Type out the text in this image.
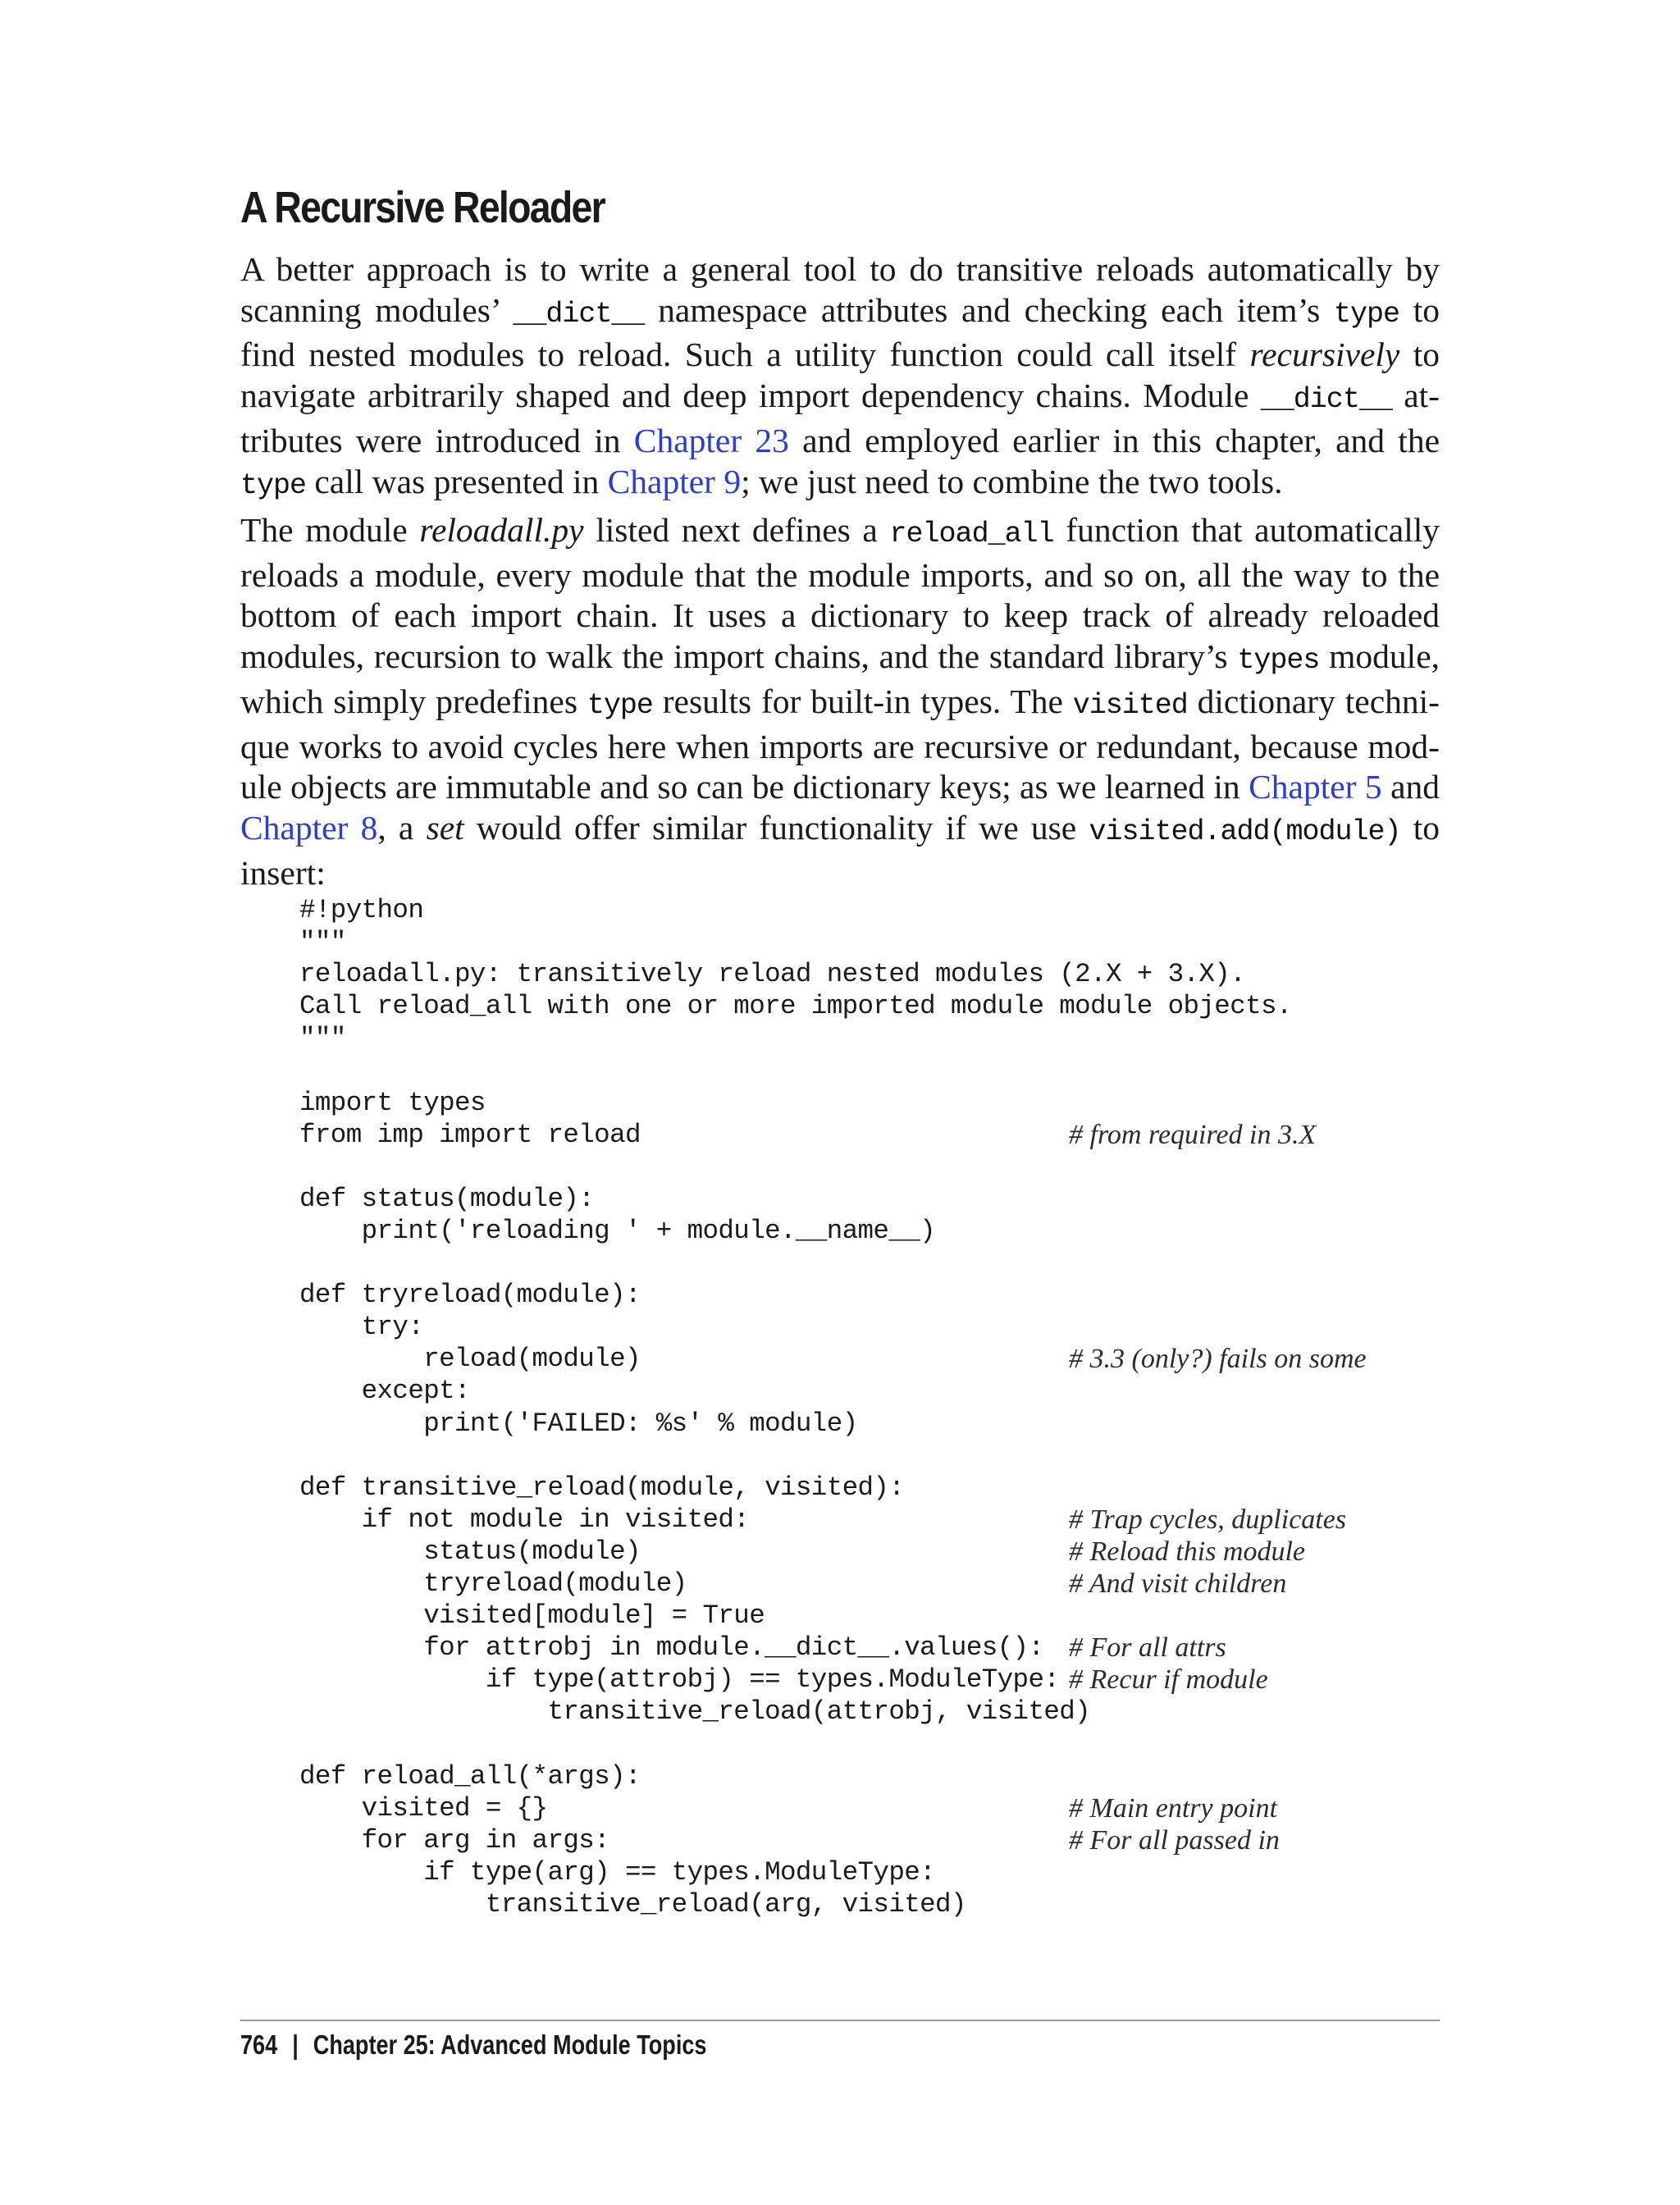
A Recursive Reloader

A better approach is to write a general tool to do transitive reloads automatically by scanning modules’ __dict__ namespace attributes and checking each item’s type to find nested modules to reload. Such a utility function could call itself recursively to navigate arbitrarily shaped and deep import dependency chains. Module __dict__ attributes were introduced in Chapter 23 and employed earlier in this chapter, and the type call was presented in Chapter 9; we just need to combine the two tools.

The module reloadall.py listed next defines a reload_all function that automatically reloads a module, every module that the module imports, and so on, all the way to the bottom of each import chain. It uses a dictionary to keep track of already reloaded modules, recursion to walk the import chains, and the standard library’s types module, which simply predefines type results for built-in types. The visited dictionary technique works to avoid cycles here when imports are recursive or redundant, because module objects are immutable and so can be dictionary keys; as we learned in Chapter 5 and Chapter 8, a set would offer similar functionality if we use visited.add(module) to insert:

#!python
"""
reloadall.py: transitively reload nested modules (2.X + 3.X).
Call reload_all with one or more imported module module objects.
"""
import types
from imp import reload	# from required in 3.X
def status(module):
print('reloading ' + module.__name__)
def tryreload(module):
try:
reload(module)	# 3.3 (only?) fails on some
except:
print('FAILED: %s' % module)
def transitive_reload(module, visited):
if not module in visited:	# Trap cycles, duplicates
status(module)	# Reload this module
tryreload(module)	# And visit children
visited[module] = True
for attrobj in module.__dict__.values(): # For all attrs
if type(attrobj) == types.ModuleType: # Recur if module
transitive_reload(attrobj, visited)
def reload_all(*args):
visited = {}	# Main entry point
for arg in args:	# For all passed in
if type(arg) == types.ModuleType:
transitive_reload(arg, visited)
764 | Chapter 25: Advanced Module Topics
